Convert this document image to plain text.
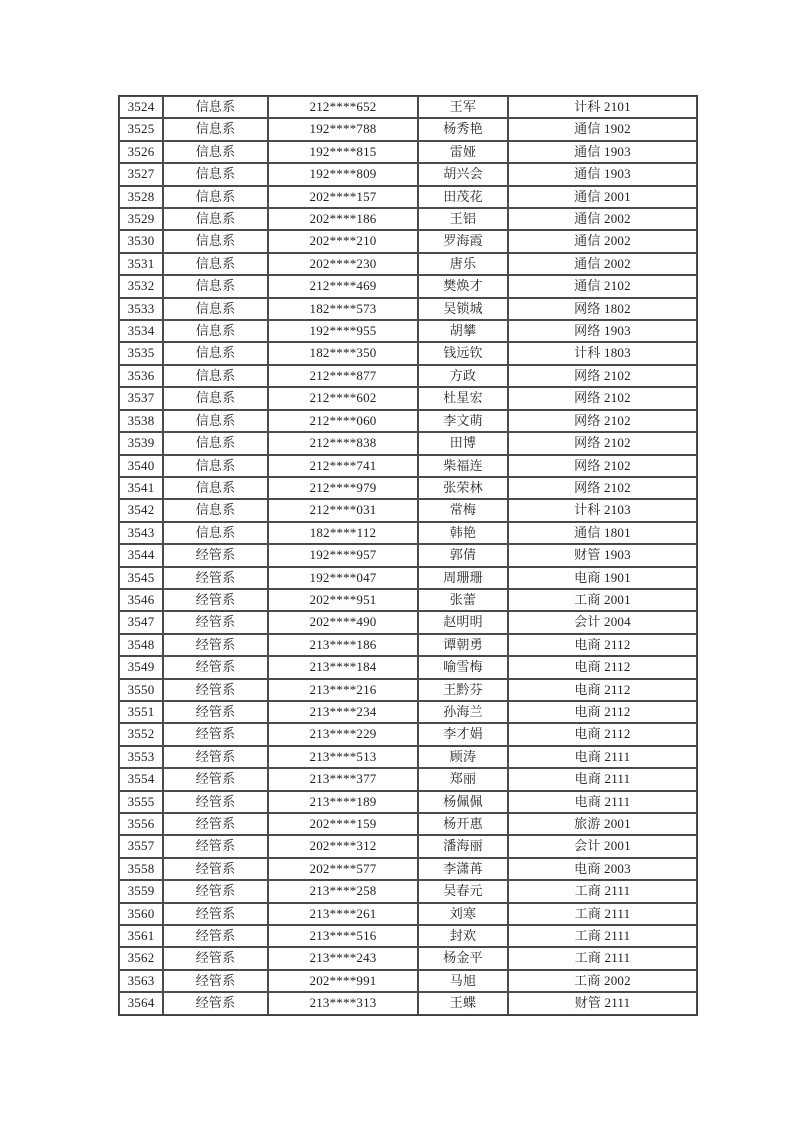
3524	信息系	212****652	王军	计科 2101
3525	信息系	192****788	杨秀艳	通信 1902
3526	信息系	192****815	雷娅	通信 1903
3527	信息系	192****809	胡兴会	通信 1903
3528	信息系	202****157	田茂花	通信 2001
3529	信息系	202****186	王铝	通信 2002
3530	信息系	202****210	罗海霞	通信 2002
3531	信息系	202****230	唐乐	通信 2002
3532	信息系	212****469	樊焕才	通信 2102
3533	信息系	182****573	吴锁城	网络 1802
3534	信息系	192****955	胡攀	网络 1903
3535	信息系	182****350	钱远钦	计科 1803
3536	信息系	212****877	方政	网络 2102
3537	信息系	212****602	杜星宏	网络 2102
3538	信息系	212****060	李文萌	网络 2102
3539	信息系	212****838	田博	网络 2102
3540	信息系	212****741	柴福连	网络 2102
3541	信息系	212****979	张荣林	网络 2102
3542	信息系	212****031	常梅	计科 2103
3543	信息系	182****112	韩艳	通信 1801
3544	经管系	192****957	郭倩	财管 1903
3545	经管系	192****047	周珊珊	电商 1901
3546	经管系	202****951	张蕾	工商 2001
3547	经管系	202****490	赵明明	会计 2004
3548	经管系	213****186	谭朝勇	电商 2112
3549	经管系	213****184	喻雪梅	电商 2112
3550	经管系	213****216	王黔芬	电商 2112
3551	经管系	213****234	孙海兰	电商 2112
3552	经管系	213****229	李才娟	电商 2112
3553	经管系	213****513	顾涛	电商 2111
3554	经管系	213****377	郑丽	电商 2111
3555	经管系	213****189	杨佩佩	电商 2111
3556	经管系	202****159	杨开惠	旅游 2001
3557	经管系	202****312	潘海丽	会计 2001
3558	经管系	202****577	李潇苒	电商 2003
3559	经管系	213****258	吴春元	工商 2111
3560	经管系	213****261	刘寒	工商 2111
3561	经管系	213****516	封欢	工商 2111
3562	经管系	213****243	杨金平	工商 2111
3563	经管系	202****991	马旭	工商 2002
3564	经管系	213****313	王蝶	财管 2111
